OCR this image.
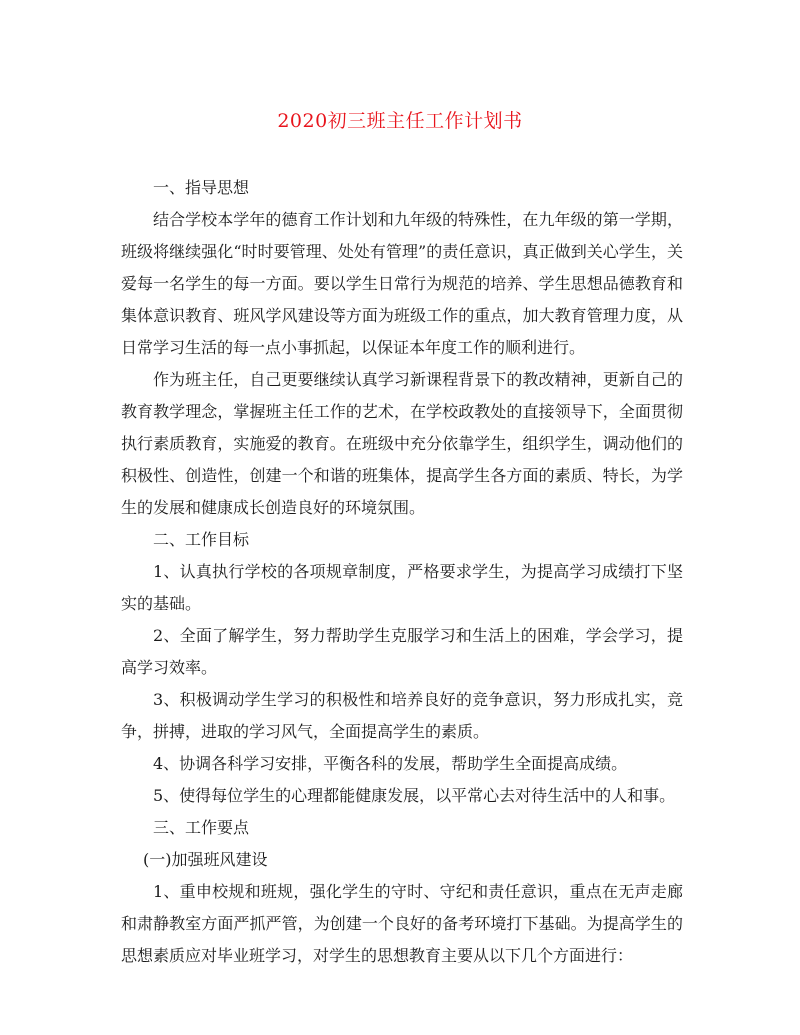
2020初三班主任工作计划书

一、指导思想

结合学校本学年的德育工作计划和九年级的特殊性，在九年级的第一学期，班级将继续强化“时时要管理、处处有管理”的责任意识，真正做到关心学生，关爱每一名学生的每一方面。要以学生日常行为规范的培养、学生思想品德教育和集体意识教育、班风学风建设等方面为班级工作的重点，加大教育管理力度，从日常学习生活的每一点小事抓起，以保证本年度工作的顺利进行。

作为班主任，自己更要继续认真学习新课程背景下的教改精神，更新自己的教育教学理念，掌握班主任工作的艺术，在学校政教处的直接领导下，全面贯彻执行素质教育，实施爱的教育。在班级中充分依靠学生，组织学生，调动他们的积极性、创造性，创建一个和谐的班集体，提高学生各方面的素质、特长，为学生的发展和健康成长创造良好的环境氛围。

二、工作目标

1、认真执行学校的各项规章制度，严格要求学生，为提高学习成绩打下坚实的基础。

2、全面了解学生，努力帮助学生克服学习和生活上的困难，学会学习，提高学习效率。

3、积极调动学生学习的积极性和培养良好的竞争意识，努力形成扎实，竞争，拼搏，进取的学习风气，全面提高学生的素质。

4、协调各科学习安排，平衡各科的发展，帮助学生全面提高成绩。

5、使得每位学生的心理都能健康发展，以平常心去对待生活中的人和事。

三、工作要点

(一)加强班风建设

1、重申校规和班规，强化学生的守时、守纪和责任意识，重点在无声走廊和肃静教室方面严抓严管，为创建一个良好的备考环境打下基础。为提高学生的思想素质应对毕业班学习，对学生的思想教育主要从以下几个方面进行：
